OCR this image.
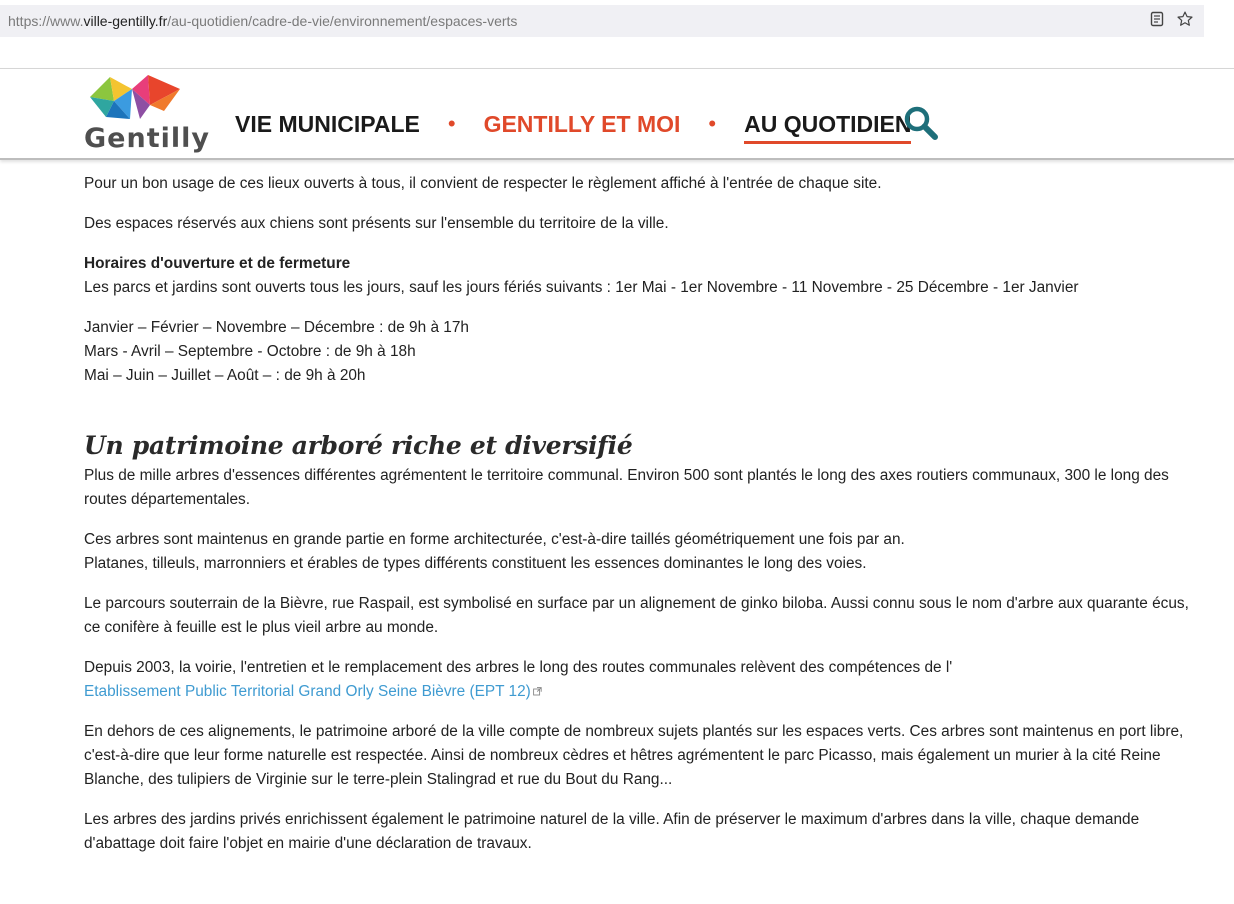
https://www. ville-gentilly.fr /au-quotidien/cadre-de-vie/environnement/espaces-verts
Gentilly VIE MUNICIPALE • GENTILLY ET MOI • AU QUOTIDIEN

Pour un bon usage de ces lieux ouverts à tous, il convient de respecter le règlement affiché à l'entrée de chaque site.

Des espaces réservés aux chiens sont présents sur l'ensemble du territoire de la ville.

Horaires d'ouverture et de fermeture
Les parcs et jardins sont ouverts tous les jours, sauf les jours fériés suivants : 1er Mai - 1er Novembre - 11 Novembre - 25 Décembre - 1er Janvier

Janvier – Février – Novembre – Décembre : de 9h à 17h
Mars - Avril – Septembre - Octobre : de 9h à 18h
Mai – Juin – Juillet – Août – : de 9h à 20h

Un patrimoine arboré riche et diversifié

Plus de mille arbres d'essences différentes agrémentent le territoire communal. Environ 500 sont plantés le long des axes routiers communaux, 300 le long des routes départementales.

Ces arbres sont maintenus en grande partie en forme architecturée, c'est-à-dire taillés géométriquement une fois par an.
Platanes, tilleuls, marronniers et érables de types différents constituent les essences dominantes le long des voies.

Le parcours souterrain de la Bièvre, rue Raspail, est symbolisé en surface par un alignement de ginko biloba. Aussi connu sous le nom d'arbre aux quarante écus, ce conifère à feuille est le plus vieil arbre au monde.

Depuis 2003, la voirie, l'entretien et le remplacement des arbres le long des routes communales relèvent des compétences de l'
Etablissement Public Territorial Grand Orly Seine Bièvre (EPT 12)

En dehors de ces alignements, le patrimoine arboré de la ville compte de nombreux sujets plantés sur les espaces verts. Ces arbres sont maintenus en port libre, c'est-à-dire que leur forme naturelle est respectée. Ainsi de nombreux cèdres et hêtres agrémentent le parc Picasso, mais également un murier à la cité Reine Blanche, des tulipiers de Virginie sur le terre-plein Stalingrad et rue du Bout du Rang...

Les arbres des jardins privés enrichissent également le patrimoine naturel de la ville. Afin de préserver le maximum d'arbres dans la ville, chaque demande d'abattage doit faire l'objet en mairie d'une déclaration de travaux.
